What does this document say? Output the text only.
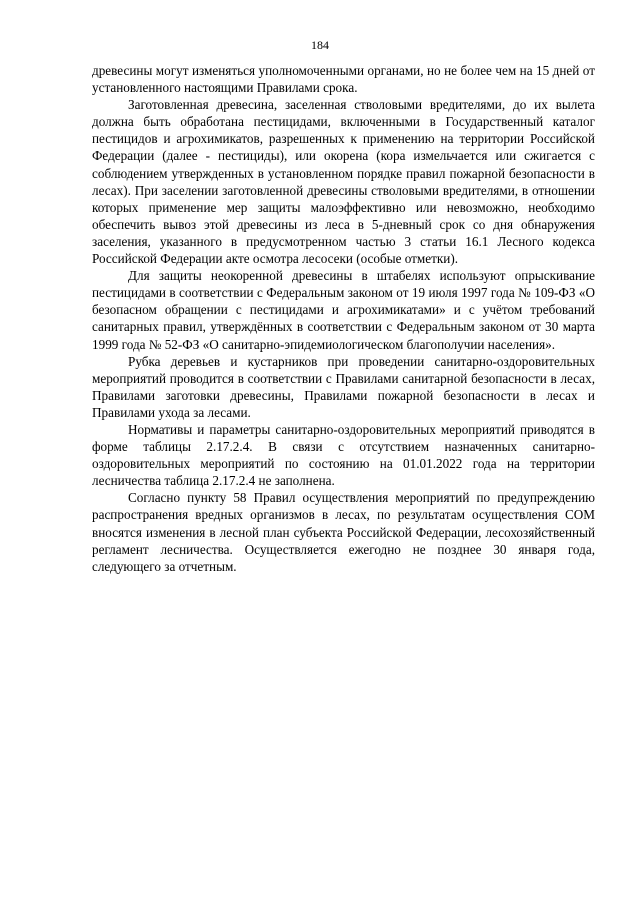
184

древесины могут изменяться уполномоченными органами, но не более чем на 15 дней от установленного настоящими Правилами срока.

Заготовленная древесина, заселенная стволовыми вредителями, до их вылета должна быть обработана пестицидами, включенными в Государственный каталог пестицидов и агрохимикатов, разрешенных к применению на территории Российской Федерации (далее - пестициды), или окорена (кора измельчается или сжигается с соблюдением утвержденных в установленном порядке правил пожарной безопасности в лесах). При заселении заготовленной древесины стволовыми вредителями, в отношении которых применение мер защиты малоэффективно или невозможно, необходимо обеспечить вывоз этой древесины из леса в 5-дневный срок со дня обнаружения заселения, указанного в предусмотренном частью 3 статьи 16.1 Лесного кодекса Российской Федерации акте осмотра лесосеки (особые отметки).

Для защиты неокоренной древесины в штабелях используют опрыскивание пестицидами в соответствии с Федеральным законом от 19 июля 1997 года № 109-ФЗ «О безопасном обращении с пестицидами и агрохимикатами» и с учётом требований санитарных правил, утверждённых в соответствии с Федеральным законом от 30 марта 1999 года № 52-ФЗ «О санитарно-эпидемиологическом благополучии населения».

Рубка деревьев и кустарников при проведении санитарно-оздоровительных мероприятий проводится в соответствии с Правилами санитарной безопасности в лесах, Правилами заготовки древесины, Правилами пожарной безопасности в лесах и Правилами ухода за лесами.

Нормативы и параметры санитарно-оздоровительных мероприятий приводятся в форме таблицы 2.17.2.4. В связи с отсутствием назначенных санитарно-оздоровительных мероприятий по состоянию на 01.01.2022 года на территории лесничества таблица 2.17.2.4 не заполнена.

Согласно пункту 58 Правил осуществления мероприятий по предупреждению распространения вредных организмов в лесах, по результатам осуществления СОМ вносятся изменения в лесной план субъекта Российской Федерации, лесохозяйственный регламент лесничества. Осуществляется ежегодно не позднее 30 января года, следующего за отчетным.
